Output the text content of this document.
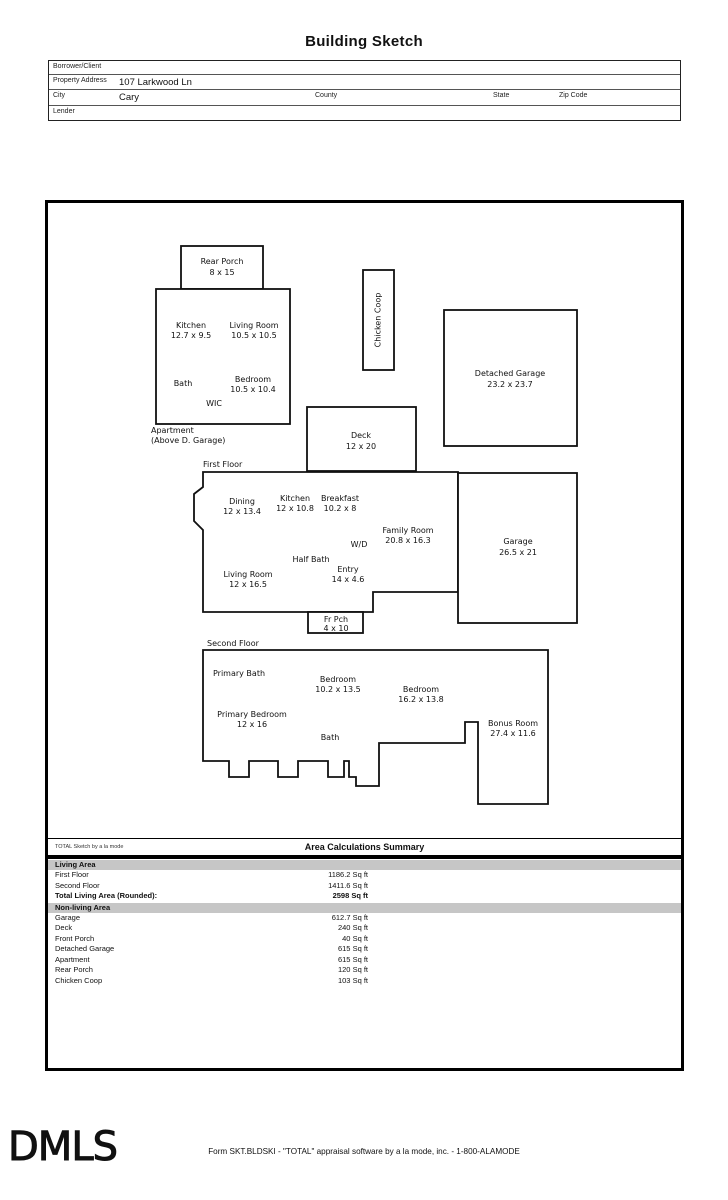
Building Sketch
Borrower/Client
Property Address 107 Larkwood Ln
City	Cary	County	State	Zip Code
Lender
Rear Porch
8 x 15
Kitchen
12.7 x 9.5
Living Room
10.5 x 10.5
Bath	Bedroom
10.5 x 10.4
WIC
Apartment
(Above D. Garage)
Chicken Coop
Detached Garage
23.2 x 23.7
Deck
12 x 20
First Floor
Dining
12 x 13.4
Kitchen
12 x 10.8
Breakfast
10.2 x 8
Family Room
20.8 x 16.3
W/D
Half Bath
Living Room
12 x 16.5
Entry
14 x 4.6
Garage
26.5 x 21
Fr Pch
4 x 10
Second Floor
Primary Bath
Bedroom
10.2 x 13.5	Bedroom
16.2 x 13.8
Primary Bedroom
12 x 16
Bath
Bonus Room
27.4 x 11.6
TOTAL Sketch by a la mode	Area Calculations Summary
Living Area
First Floor	1186.2 Sq ft
Second Floor	1411.6 Sq ft
Total Living Area (Rounded):	2598 Sq ft
Non-living Area
Garage	612.7 Sq ft
Deck	240 Sq ft
Front Porch	40 Sq ft
Detached Garage	615 Sq ft
Apartment	615 Sq ft
Rear Porch	120 Sq ft
Chicken Coop	103 Sq ft
DMLS	Form SKT.BLDSKI - "TOTAL" appraisal software by a la mode, inc. - 1-800-ALAMODE
